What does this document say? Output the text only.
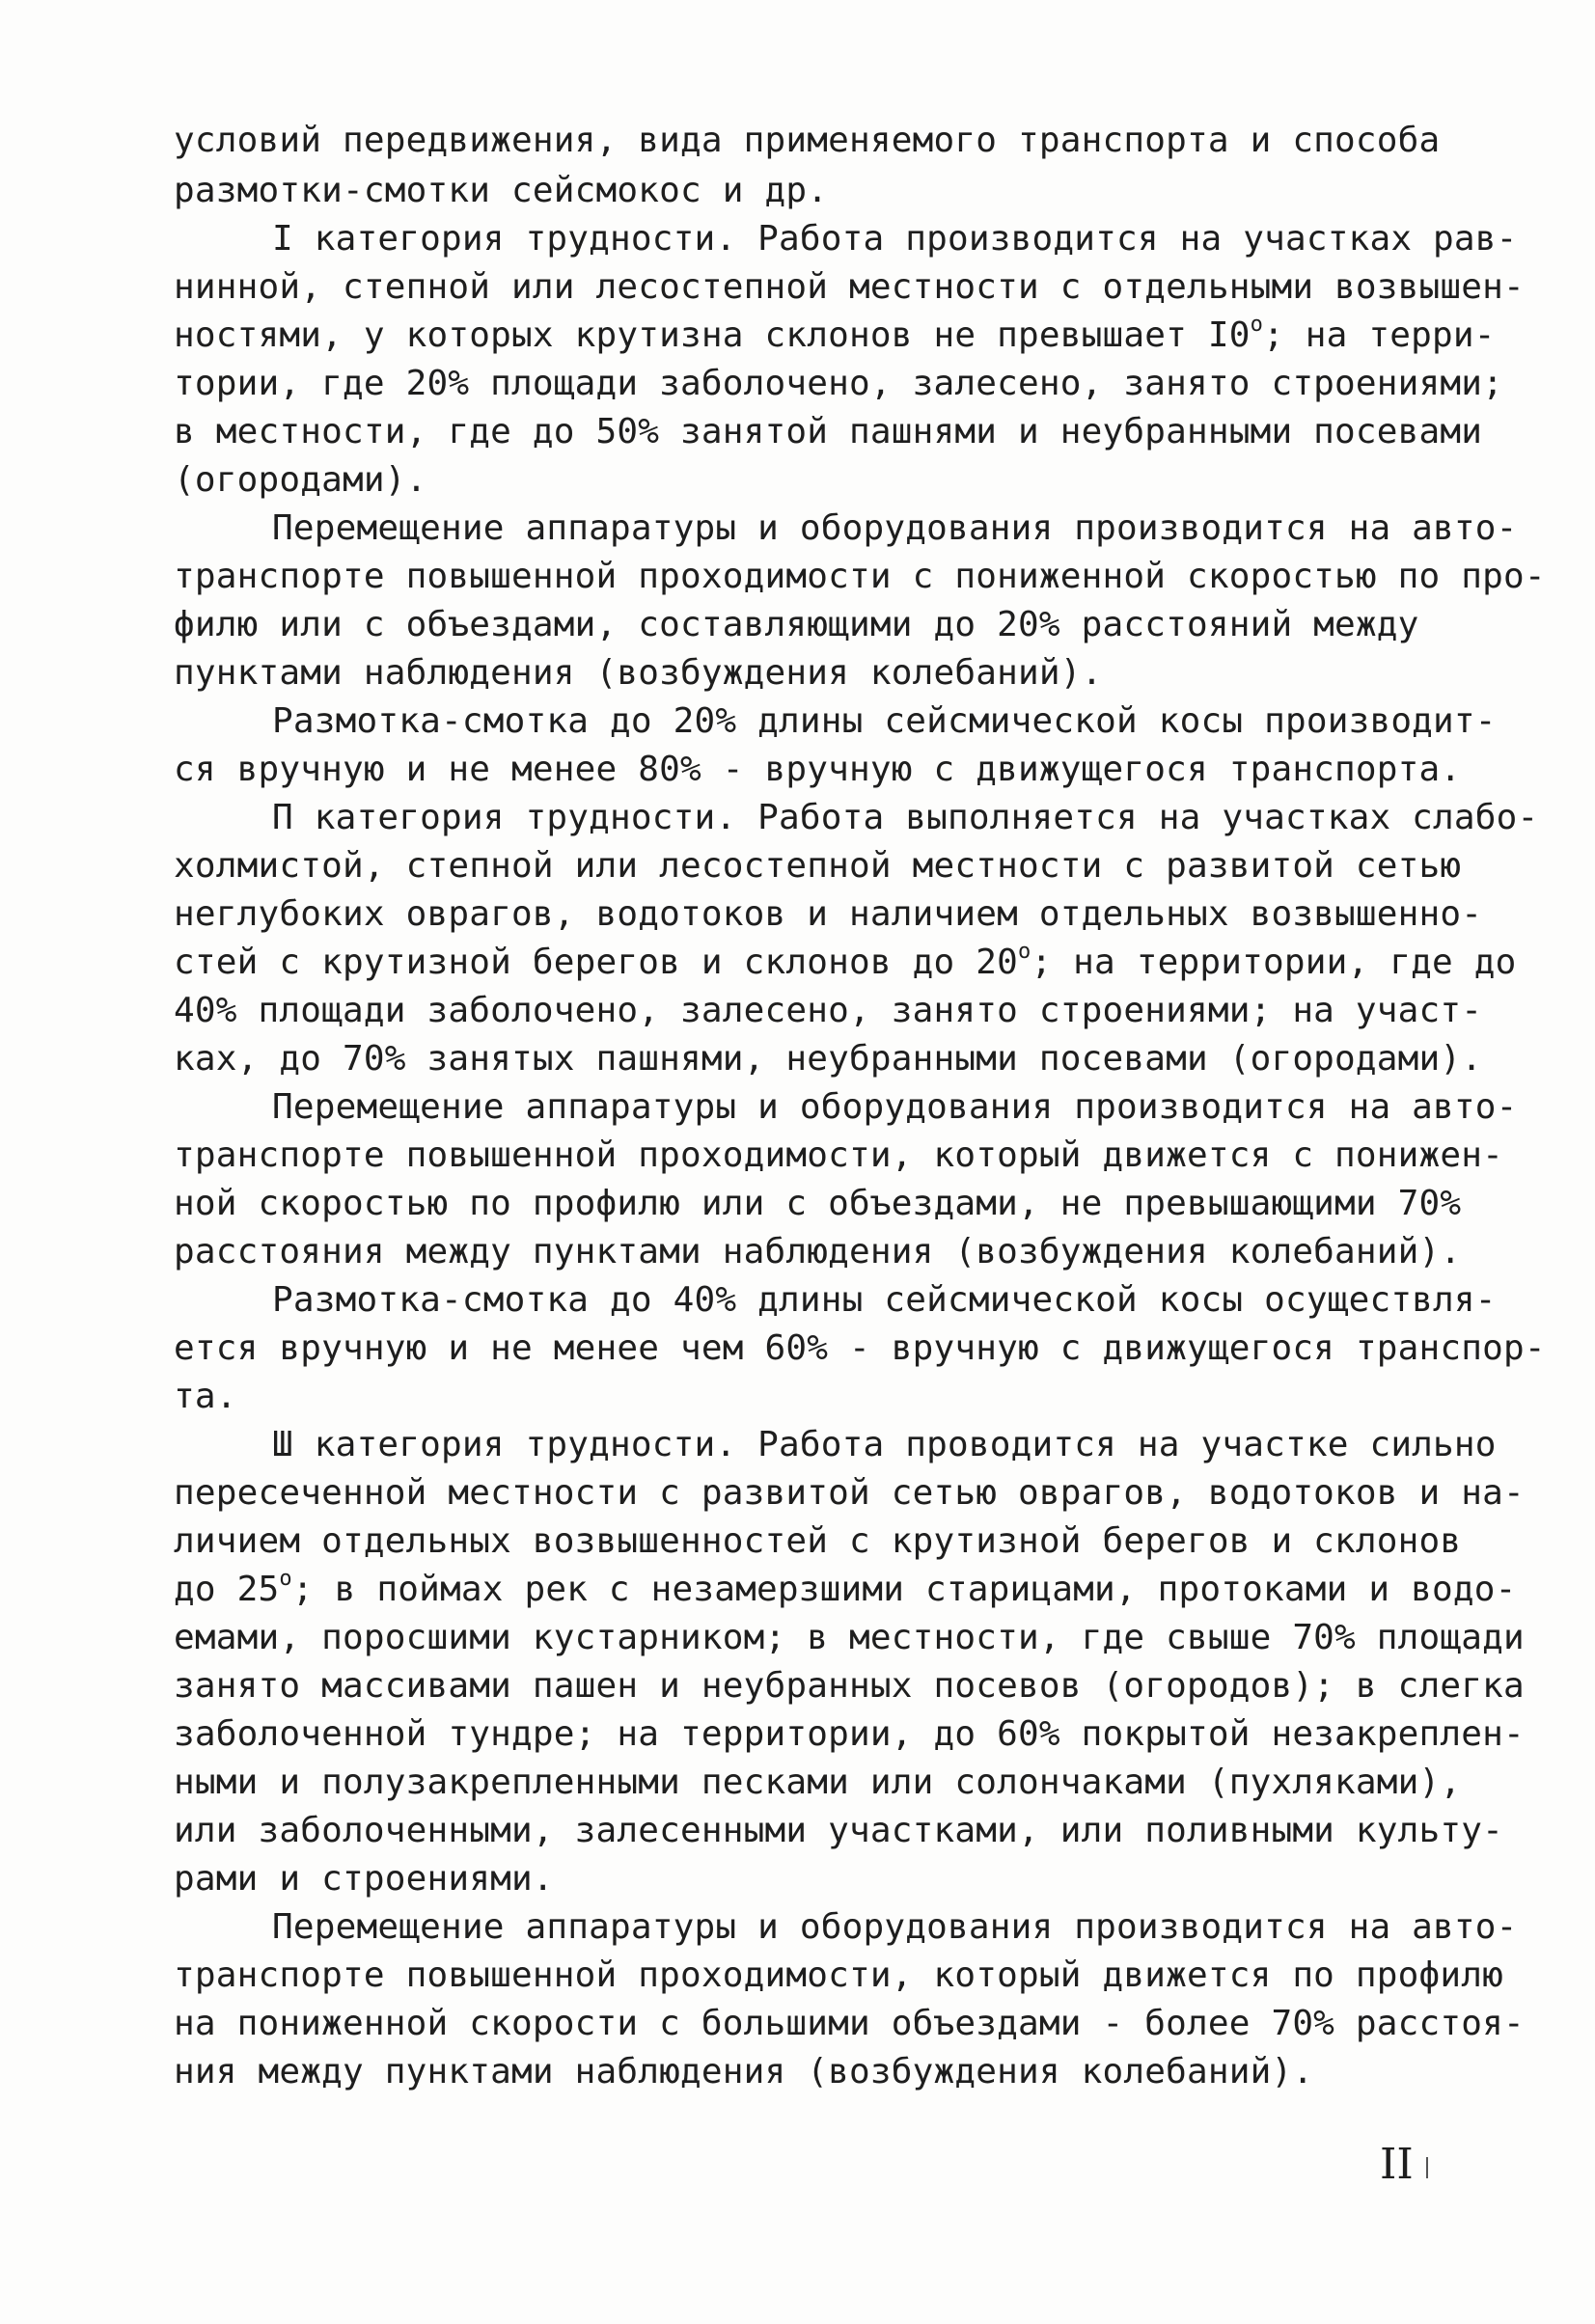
условий передвижения, вида применяемого транспорта и способа
размотки-смотки сейсмокос и др.
I категория трудности. Работа производится на участках рав-
нинной, степной или лесостепной местности с отдельными возвышен-
ностями, у которых крутизна склонов не превышает I0$^o$; на терри-
тории, где 20% площади заболочено, залесено, занято строениями;
в местности, где до 50% занятой пашнями и неубранными посевами
(огородами).
Перемещение аппаратуры и оборудования производится на авто-
транспорте повышенной проходимости с пониженной скоростью по про-
филю или с объездами, составляющими до 20% расстояний между
пунктами наблюдения (возбуждения колебаний).
Размотка-смотка до 20% длины сейсмической косы производит-
ся вручную и не менее 80% - вручную с движущегося транспорта.
П категория трудности. Работа выполняется на участках слабо-
холмистой, степной или лесостепной местности с развитой сетью
неглубоких оврагов, водотоков и наличием отдельных возвышенно-
стей с крутизной берегов и склонов до 20$^o$; на территории, где до
40% площади заболочено, залесено, занято строениями; на участ-
ках, до 70% занятых пашнями, неубранными посевами (огородами).
Перемещение аппаратуры и оборудования производится на авто-
транспорте повышенной проходимости, который движется с понижен-
ной скоростью по профилю или с объездами, не превышающими 70%
расстояния между пунктами наблюдения (возбуждения колебаний).
Размотка-смотка до 40% длины сейсмической косы осуществля-
ется вручную и не менее чем 60% - вручную с движущегося транспор-
та.
Ш категория трудности. Работа проводится на участке сильно
пересеченной местности с развитой сетью оврагов, водотоков и на-
личием отдельных возвышенностей с крутизной берегов и склонов
до 25$^o$; в поймах рек с незамерзшими старицами, протоками и водо-
емами, поросшими кустарником; в местности, где свыше 70% площади
занято массивами пашен и неубранных посевов (огородов); в слегка
заболоченной тундре; на территории, до 60% покрытой незакреплен-
ными и полузакрепленными песками или солончаками (пухляками),
или заболоченными, залесенными участками, или поливными культу-
рами и строениями.
Перемещение аппаратуры и оборудования производится на авто-
транспорте повышенной проходимости, который движется по профилю
на пониженной скорости с большими объездами - более 70% расстоя-
ния между пунктами наблюдения (возбуждения колебаний).
II
